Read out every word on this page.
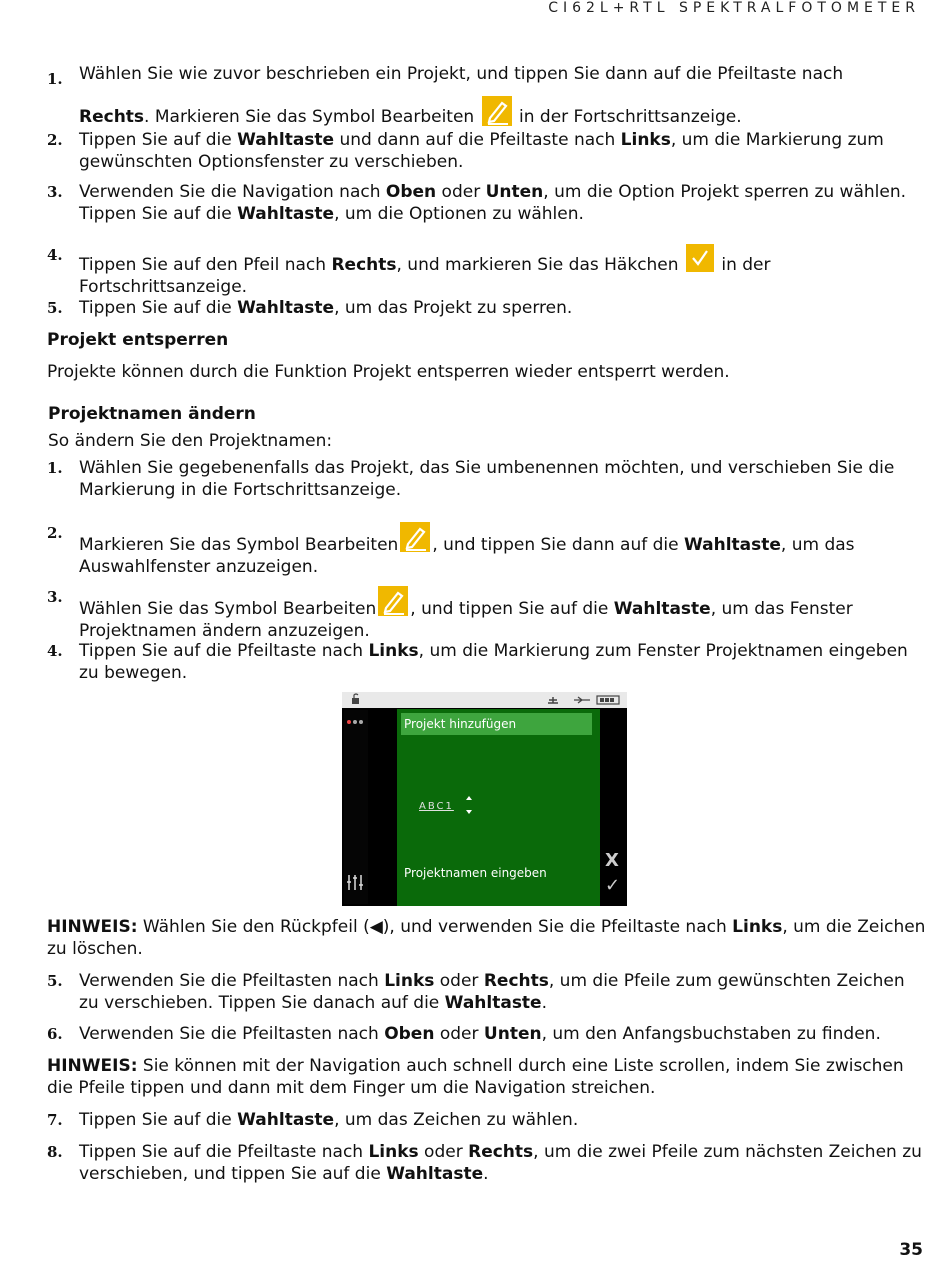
CI62L+RTL SPEKTRALFOTOMETER
1. Wählen Sie wie zuvor beschrieben ein Projekt, und tippen Sie dann auf die Pfeiltaste nach

Rechts. Markieren Sie das Symbol Bearbeiten
in der Fortschrittsanzeige.
2. Tippen Sie auf die Wahltaste und dann auf die Pfeiltaste nach Links, um die Markierung zum gewünschten Optionsfenster zu verschieben.
3. Verwenden Sie die Navigation nach Oben oder Unten, um die Option Projekt sperren zu wählen. Tippen Sie auf die Wahltaste, um die Optionen zu wählen.
4. Tippen Sie auf den Pfeil nach Rechts, und markieren Sie das Häkchen
in der Fortschrittsanzeige.
5. Tippen Sie auf die Wahltaste, um das Projekt zu sperren.
Projekt entsperren
Projekte können durch die Funktion Projekt entsperren wieder entsperrt werden.
Projektnamen ändern
So ändern Sie den Projektnamen:
1. Wählen Sie gegebenenfalls das Projekt, das Sie umbenennen möchten, und verschieben Sie die Markierung in die Fortschrittsanzeige.
2.
Markieren Sie das Symbol Bearbeiten , und tippen Sie dann auf die Wahltaste, um das Auswahlfenster anzuzeigen.
3.
Wählen Sie das Symbol Bearbeiten , und tippen Sie auf die Wahltaste, um das Fenster Projektnamen ändern anzuzeigen.
4. Tippen Sie auf die Pfeiltaste nach Links, um die Markierung zum Fenster Projektnamen eingeben zu bewegen.
Projekt hinzufügen
ABC1
Projektnamen eingeben
X
✓
HINWEIS: Wählen Sie den Rückpfeil (◀), und verwenden Sie die Pfeiltaste nach Links, um die Zeichen zu löschen.
5. Verwenden Sie die Pfeiltasten nach Links oder Rechts, um die Pfeile zum gewünschten Zeichen zu verschieben. Tippen Sie danach auf die Wahltaste.
6. Verwenden Sie die Pfeiltasten nach Oben oder Unten, um den Anfangsbuchstaben zu finden.
HINWEIS: Sie können mit der Navigation auch schnell durch eine Liste scrollen, indem Sie zwischen die Pfeile tippen und dann mit dem Finger um die Navigation streichen.
7. Tippen Sie auf die Wahltaste, um das Zeichen zu wählen.
8. Tippen Sie auf die Pfeiltaste nach Links oder Rechts, um die zwei Pfeile zum nächsten Zeichen zu verschieben, und tippen Sie auf die Wahltaste.
35
